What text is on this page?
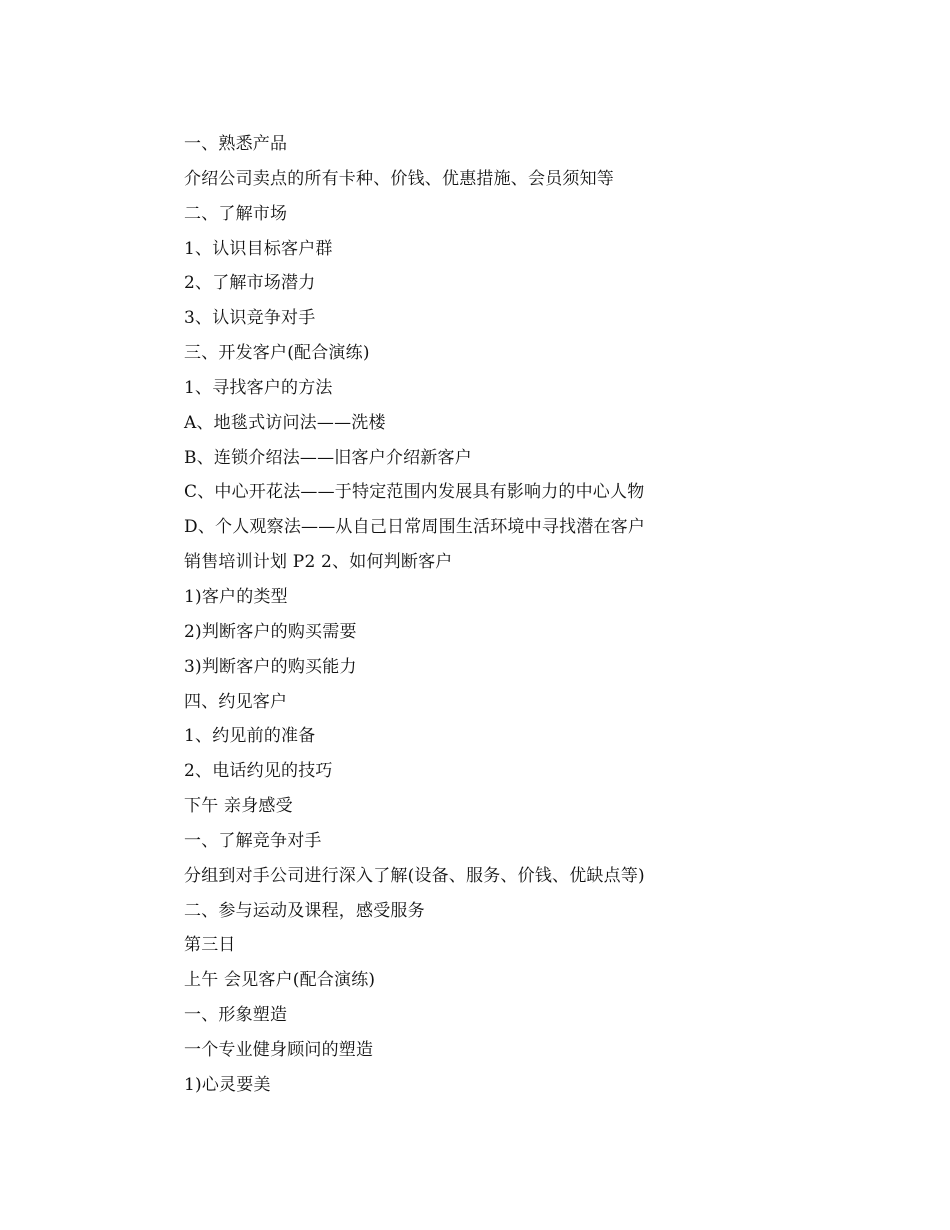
一、熟悉产品
介绍公司卖点的所有卡种、价钱、优惠措施、会员须知等
二、了解市场
1、认识目标客户群
2、了解市场潜力
3、认识竞争对手
三、开发客户(配合演练)
1、寻找客户的方法
A、地毯式访问法——洗楼
B、连锁介绍法——旧客户介绍新客户
C、中心开花法——于特定范围内发展具有影响力的中心人物
D、个人观察法——从自己日常周围生活环境中寻找潜在客户
销售培训计划 P2 2、如何判断客户
1)客户的类型
2)判断客户的购买需要
3)判断客户的购买能力
四、约见客户
1、约见前的准备
2、电话约见的技巧
下午 亲身感受
一、了解竞争对手
分组到对手公司进行深入了解(设备、服务、价钱、优缺点等)
二、参与运动及课程，感受服务
第三日
上午 会见客户(配合演练)
一、形象塑造
一个专业健身顾问的塑造
1)心灵要美
